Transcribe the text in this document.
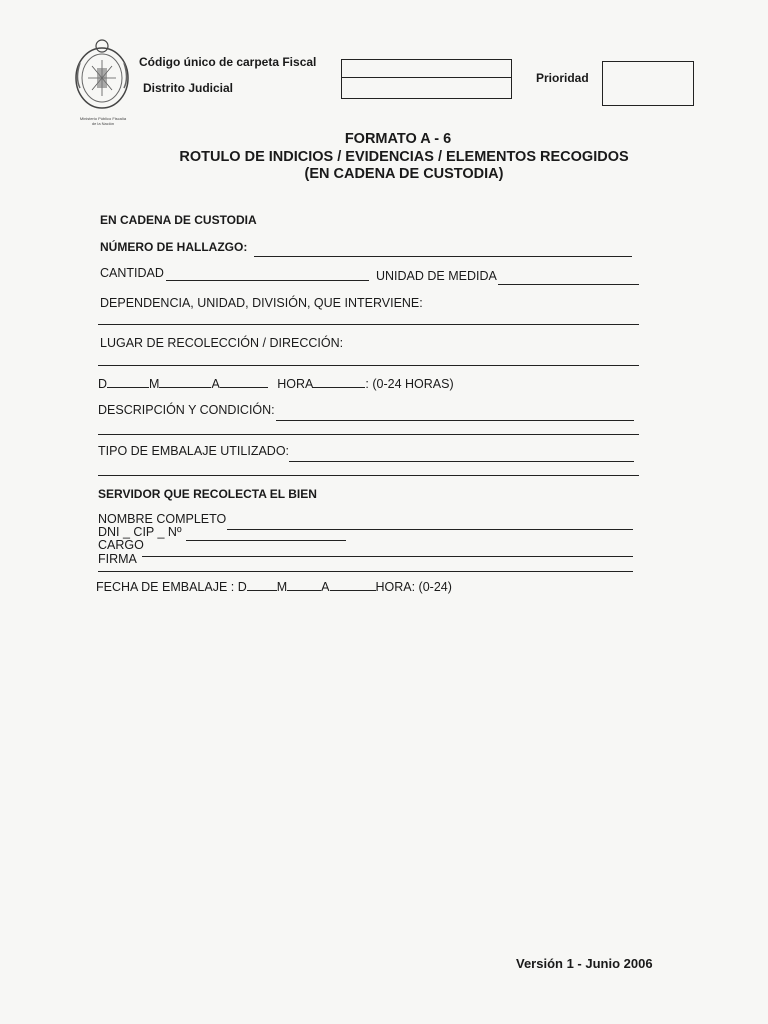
Ministerio Público Fiscalía de la Nación
Código único de carpeta Fiscal
Distrito Judicial
Prioridad
FORMATO A - 6
ROTULO DE INDICIOS / EVIDENCIAS / ELEMENTOS RECOGIDOS
(EN CADENA DE CUSTODIA)
EN CADENA DE CUSTODIA
NÚMERO DE HALLAZGO:
CANTIDAD	UNIDAD DE MEDIDA
DEPENDENCIA, UNIDAD, DIVISIÓN, QUE INTERVIENE:
LUGAR DE RECOLECCIÓN / DIRECCIÓN:
D	M	A	HORA	: (0-24 HORAS)
DESCRIPCIÓN Y CONDICIÓN:
TIPO DE EMBALAJE UTILIZADO:
SERVIDOR QUE RECOLECTA EL BIEN
NOMBRE COMPLETO
DNI _ CIP _ Nº
CARGO
FIRMA
FECHA DE EMBALAJE : D M	A	HORA: (0-24)
Versión 1 - Junio 2006
